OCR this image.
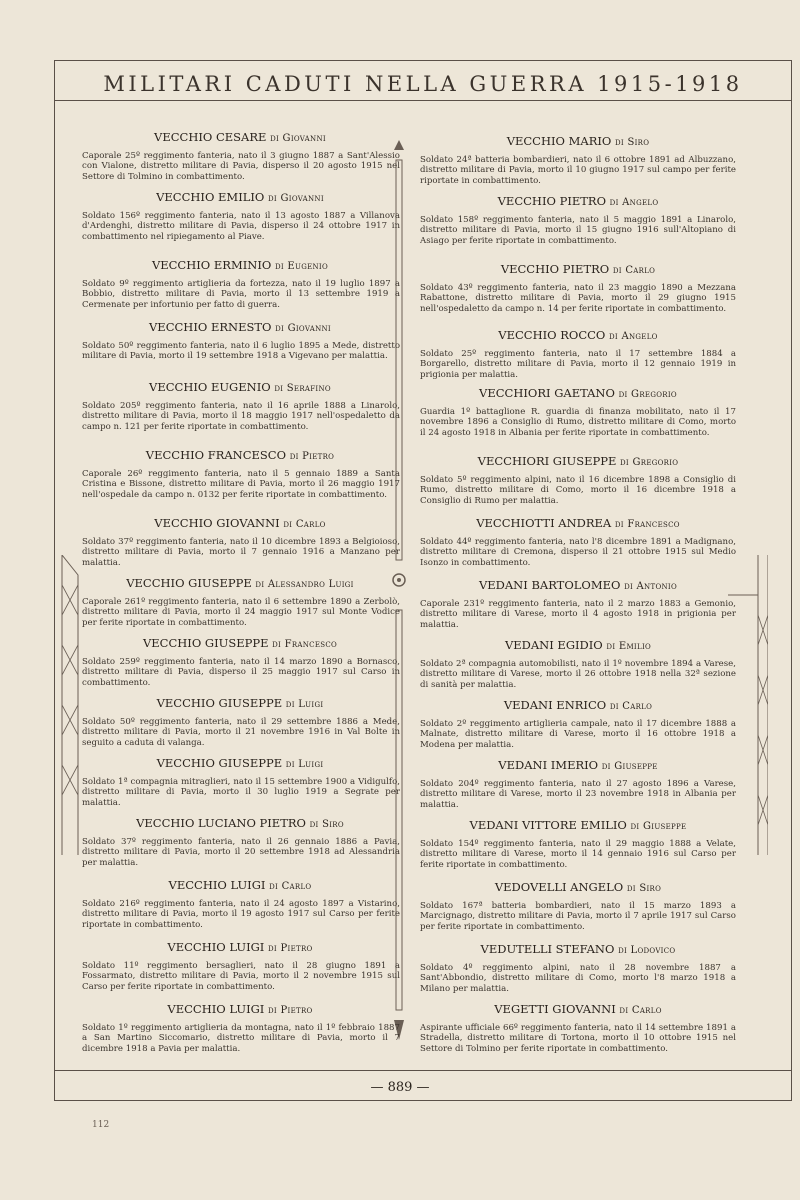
MILITARI CADUTI NELLA GUERRA 1915-1918
VECCHIO CESARE di Giovanni
Caporale 25º reggimento fanteria, nato il 3 giugno 1887 a Sant'Alessio con Vialone, distretto militare di Pavia, disperso il 20 agosto 1915 nel Settore di Tolmino in combattimento.
VECCHIO EMILIO di Giovanni
Soldato 156º reggimento fanteria, nato il 13 agosto 1887 a Villanova d'Ardenghi, distretto militare di Pavia, disperso il 24 ottobre 1917 in combattimento nel ripiegamento al Piave.
VECCHIO ERMINIO di Eugenio
Soldato 9º reggimento artiglieria da fortezza, nato il 19 luglio 1897 a Bobbio, distretto militare di Pavia, morto il 13 settembre 1919 a Cermenate per infortunio per fatto di guerra.
VECCHIO ERNESTO di Giovanni
Soldato 50º reggimento fanteria, nato il 6 luglio 1895 a Mede, distretto militare di Pavia, morto il 19 settembre 1918 a Vigevano per malattia.
VECCHIO EUGENIO di Serafino
Soldato 205º reggimento fanteria, nato il 16 aprile 1888 a Linarolo, distretto militare di Pavia, morto il 18 maggio 1917 nell'ospedaletto da campo n. 121 per ferite riportate in combattimento.
VECCHIO FRANCESCO di Pietro
Caporale 26º reggimento fanteria, nato il 5 gennaio 1889 a Santa Cristina e Bissone, distretto militare di Pavia, morto il 26 maggio 1917 nell'ospedale da campo n. 0132 per ferite riportate in combattimento.
VECCHIO GIOVANNI di Carlo
Soldato 37º reggimento fanteria, nato il 10 dicembre 1893 a Belgioioso, distretto militare di Pavia, morto il 7 gennaio 1916 a Manzano per malattia.
VECCHIO GIUSEPPE di Alessandro Luigi
Caporale 261º reggimento fanteria, nato il 6 settembre 1890 a Zerbolò, distretto militare di Pavia, morto il 24 maggio 1917 sul Monte Vodice per ferite riportate in combattimento.
VECCHIO GIUSEPPE di Francesco
Soldato 259º reggimento fanteria, nato il 14 marzo 1890 a Bornasco, distretto militare di Pavia, disperso il 25 maggio 1917 sul Carso in combattimento.
VECCHIO GIUSEPPE di Luigi
Soldato 50º reggimento fanteria, nato il 29 settembre 1886 a Mede, distretto militare di Pavia, morto il 21 novembre 1916 in Val Bolte in seguito a caduta di valanga.
VECCHIO GIUSEPPE di Luigi
Soldato 1ª compagnia mitraglieri, nato il 15 settembre 1900 a Vidigulfo, distretto militare di Pavia, morto il 30 luglio 1919 a Segrate per malattia.
VECCHIO LUCIANO PIETRO di Siro
Soldato 37º reggimento fanteria, nato il 26 gennaio 1886 a Pavia, distretto militare di Pavia, morto il 20 settembre 1918 ad Alessandria per malattia.
VECCHIO LUIGI di Carlo
Soldato 216º reggimento fanteria, nato il 24 agosto 1897 a Vistarino, distretto militare di Pavia, morto il 19 agosto 1917 sul Carso per ferite riportate in combattimento.
VECCHIO LUIGI di Pietro
Soldato 11º reggimento bersaglieri, nato il 28 giugno 1891 a Fossarmato, distretto militare di Pavia, morto il 2 novembre 1915 sul Carso per ferite riportate in combattimento.
VECCHIO LUIGI di Pietro
Soldato 1º reggimento artiglieria da montagna, nato il 1º febbraio 1887 a San Martino Siccomario, distretto militare di Pavia, morto il 7 dicembre 1918 a Pavia per malattia.
VECCHIO MARIO di Siro
Soldato 24ª batteria bombardieri, nato il 6 ottobre 1891 ad Albuzzano, distretto militare di Pavia, morto il 10 giugno 1917 sul campo per ferite riportate in combattimento.
VECCHIO PIETRO di Angelo
Soldato 158º reggimento fanteria, nato il 5 maggio 1891 a Linarolo, distretto militare di Pavia, morto il 15 giugno 1916 sull'Altopiano di Asiago per ferite riportate in combattimento.
VECCHIO PIETRO di Carlo
Soldato 43º reggimento fanteria, nato il 23 maggio 1890 a Mezzana Rabattone, distretto militare di Pavia, morto il 29 giugno 1915 nell'ospedaletto da campo n. 14 per ferite riportate in combattimento.
VECCHIO ROCCO di Angelo
Soldato 25º reggimento fanteria, nato il 17 settembre 1884 a Borgarello, distretto militare di Pavia, morto il 12 gennaio 1919 in prigionia per malattia.
VECCHIORI GAETANO di Gregorio
Guardia 1º battaglione R. guardia di finanza mobilitato, nato il 17 novembre 1896 a Consiglio di Rumo, distretto militare di Como, morto il 24 agosto 1918 in Albania per ferite riportate in combattimento.
VECCHIORI GIUSEPPE di Gregorio
Soldato 5º reggimento alpini, nato il 16 dicembre 1898 a Consiglio di Rumo, distretto militare di Como, morto il 16 dicembre 1918 a Consiglio di Rumo per malattia.
VECCHIOTTI ANDREA di Francesco
Soldato 44º reggimento fanteria, nato l'8 dicembre 1891 a Madignano, distretto militare di Cremona, disperso il 21 ottobre 1915 sul Medio Isonzo in combattimento.
VEDANI BARTOLOMEO di Antonio
Caporale 231º reggimento fanteria, nato il 2 marzo 1883 a Gemonio, distretto militare di Varese, morto il 4 agosto 1918 in prigionia per malattia.
VEDANI EGIDIO di Emilio
Soldato 2ª compagnia automobilisti, nato il 1º novembre 1894 a Varese, distretto militare di Varese, morto il 26 ottobre 1918 nella 32ª sezione di sanità per malattia.
VEDANI ENRICO di Carlo
Soldato 2º reggimento artiglieria campale, nato il 17 dicembre 1888 a Malnate, distretto militare di Varese, morto il 16 ottobre 1918 a Modena per malattia.
VEDANI IMERIO di Giuseppe
Soldato 204º reggimento fanteria, nato il 27 agosto 1896 a Varese, distretto militare di Varese, morto il 23 novembre 1918 in Albania per malattia.
VEDANI VITTORE EMILIO di Giuseppe
Soldato 154º reggimento fanteria, nato il 29 maggio 1888 a Velate, distretto militare di Varese, morto il 14 gennaio 1916 sul Carso per ferite riportate in combattimento.
VEDOVELLI ANGELO di Siro
Soldato 167ª batteria bombardieri, nato il 15 marzo 1893 a Marcignago, distretto militare di Pavia, morto il 7 aprile 1917 sul Carso per ferite riportate in combattimento.
VEDUTELLI STEFANO di Lodovico
Soldato 4º reggimento alpini, nato il 28 novembre 1887 a Sant'Abbondio, distretto militare di Como, morto l'8 marzo 1918 a Milano per malattia.
VEGETTI GIOVANNI di Carlo
Aspirante ufficiale 66º reggimento fanteria, nato il 14 settembre 1891 a Stradella, distretto militare di Tortona, morto il 10 ottobre 1915 nel Settore di Tolmino per ferite riportate in combattimento.
— 889 —
112
